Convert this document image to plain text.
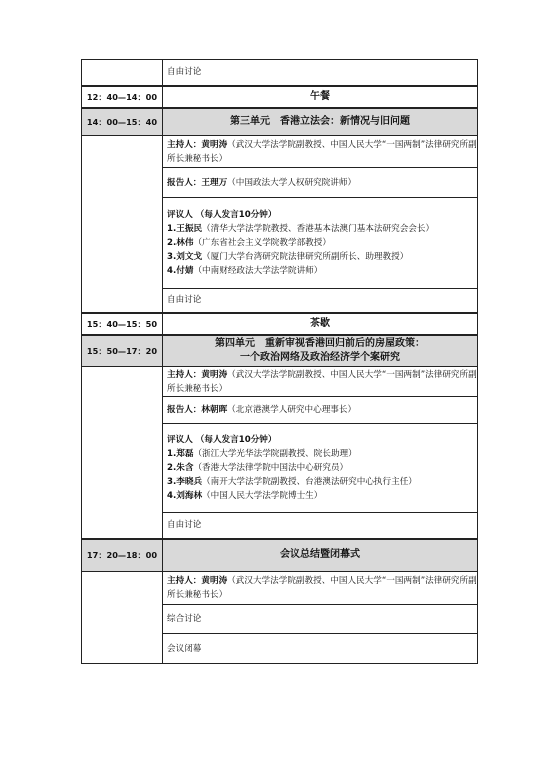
	自由讨论
12：40—14：00	午餐
14：00—15：40	第三单元　香港立法会：新情况与旧问题
	主持人：黄明涛（武汉大学法学院副教授、中国人民大学“一国两制”法律研究所副所长兼秘书长）
	报告人：王理万（中国政法大学人权研究院讲师）

	评议人 （每人发言10分钟）
1.王振民（清华大学法学院教授、香港基本法澳门基本法研究会会长）
2.林伟（广东省社会主义学院教学部教授）
3.刘文戈（厦门大学台湾研究院法律研究所副所长、助理教授）
4.付婧（中南财经政法大学法学院讲师）

	自由讨论
15：40—15：50	茶歇
15：50—17：20	第四单元　重新审视香港回归前后的房屋政策：
一个政治网络及政治经济学个案研究

	主持人：黄明涛（武汉大学法学院副教授、中国人民大学“一国两制”法律研究所副所长兼秘书长）
	报告人：林朝晖（北京港澳学人研究中心理事长）

	评议人 （每人发言10分钟）
1.郑磊（浙江大学光华法学院副教授、院长助理）
2.朱含（香港大学法律学院中国法中心研究员）
3.李晓兵（南开大学法学院副教授、台港澳法研究中心执行主任）
4.刘海林（中国人民大学法学院博士生）

	自由讨论
17：20—18：00	会议总结暨闭幕式
	主持人：黄明涛（武汉大学法学院副教授、中国人民大学“一国两制”法律研究所副所长兼秘书长）
	综合讨论
	会议闭幕
